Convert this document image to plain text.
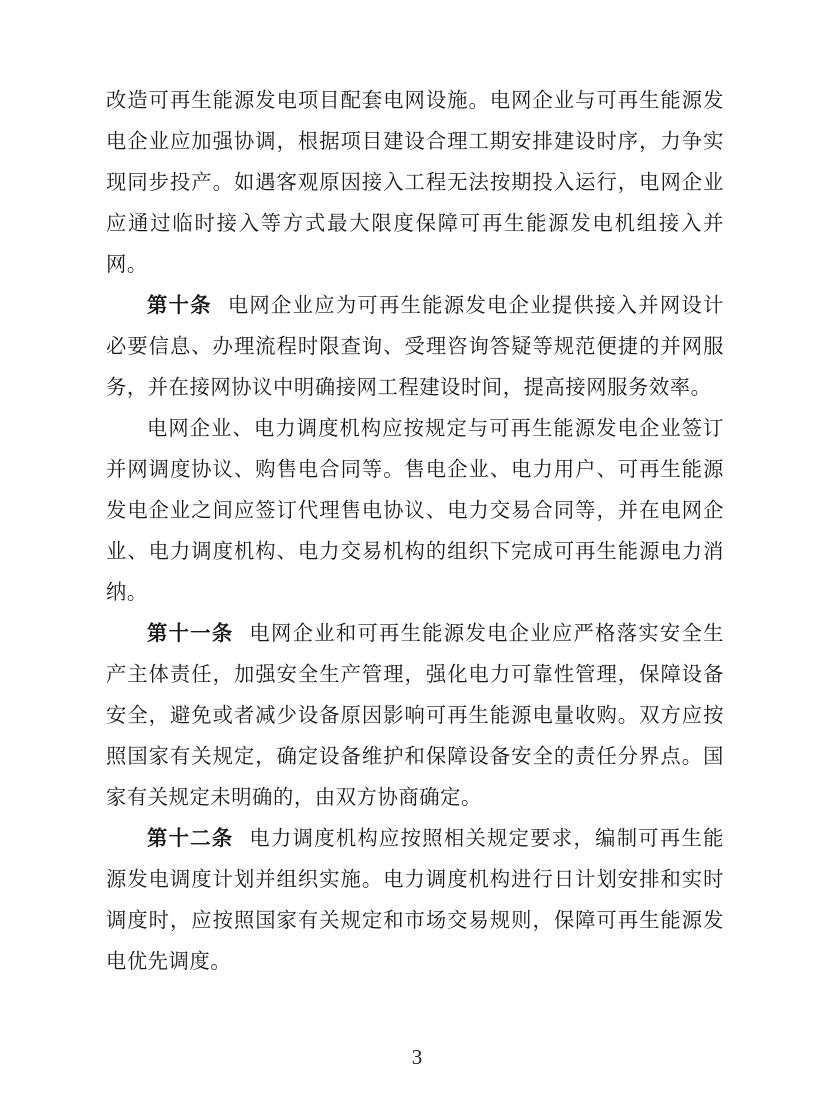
改造可再生能源发电项目配套电网设施。电网企业与可再生能源发电企业应加强协调，根据项目建设合理工期安排建设时序，力争实现同步投产。如遇客观原因接入工程无法按期投入运行，电网企业应通过临时接入等方式最大限度保障可再生能源发电机组接入并网。

第十条 电网企业应为可再生能源发电企业提供接入并网设计必要信息、办理流程时限查询、受理咨询答疑等规范便捷的并网服务，并在接网协议中明确接网工程建设时间，提高接网服务效率。

电网企业、电力调度机构应按规定与可再生能源发电企业签订并网调度协议、购售电合同等。售电企业、电力用户、可再生能源发电企业之间应签订代理售电协议、电力交易合同等，并在电网企业、电力调度机构、电力交易机构的组织下完成可再生能源电力消纳。

第十一条 电网企业和可再生能源发电企业应严格落实安全生产主体责任，加强安全生产管理，强化电力可靠性管理，保障设备安全，避免或者减少设备原因影响可再生能源电量收购。双方应按照国家有关规定，确定设备维护和保障设备安全的责任分界点。国家有关规定未明确的，由双方协商确定。

第十二条 电力调度机构应按照相关规定要求，编制可再生能源发电调度计划并组织实施。电力调度机构进行日计划安排和实时调度时，应按照国家有关规定和市场交易规则，保障可再生能源发电优先调度。

3
